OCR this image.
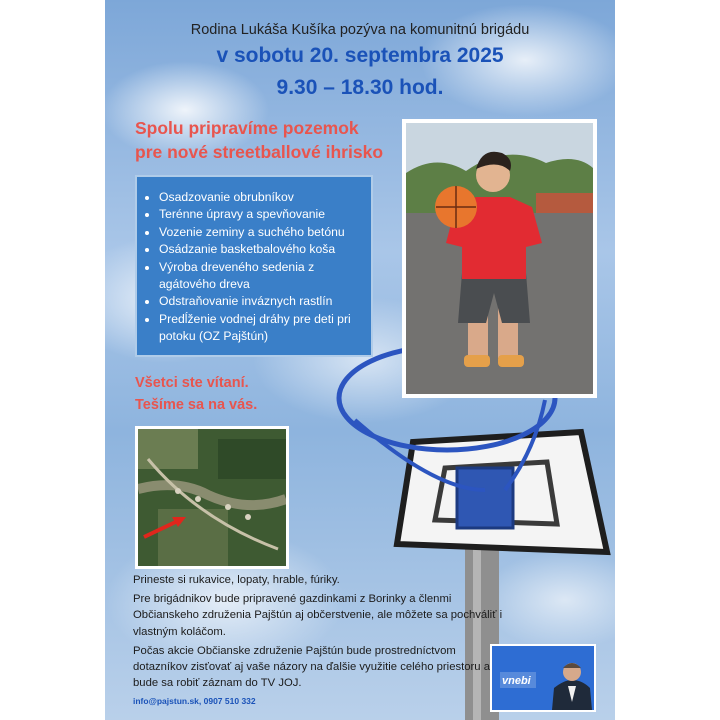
Rodina Lukáša Kušíka pozýva na komunitnú brigádu
v sobotu 20. septembra 2025
9.30 – 18.30 hod.
Spolu pripravíme pozemok
pre nové streetballové ihrisko
• Osadzovanie obrubníkov
• Terénne úpravy a spevňovanie
• Vozenie zeminy a suchého betónu
• Osádzanie basketbalového koša
• Výroba dreveného sedenia z agátového dreva
• Odstraňovanie inváznych rastlín
• Predĺženie vodnej dráhy pre deti pri potoku (OZ Pajštún)
Všetci ste vítaní.
Tešíme sa na vás.

Prineste si rukavice, lopaty, hrable, fúriky.

Pre brigádnikov bude pripravené gazdinkami z Borinky a členmi Občianskeho združenia Pajštún aj občerstvenie, ale môžete sa pochváliť i vlastným koláčom.

Počas akcie Občianske združenie Pajštún bude prostredníctvom dotazníkov zisťovať aj vaše názory na ďalšie využitie celého priestoru a bude sa robiť záznam do TV JOJ.

info@pajstun.sk, 0907 510 332
vnebi
